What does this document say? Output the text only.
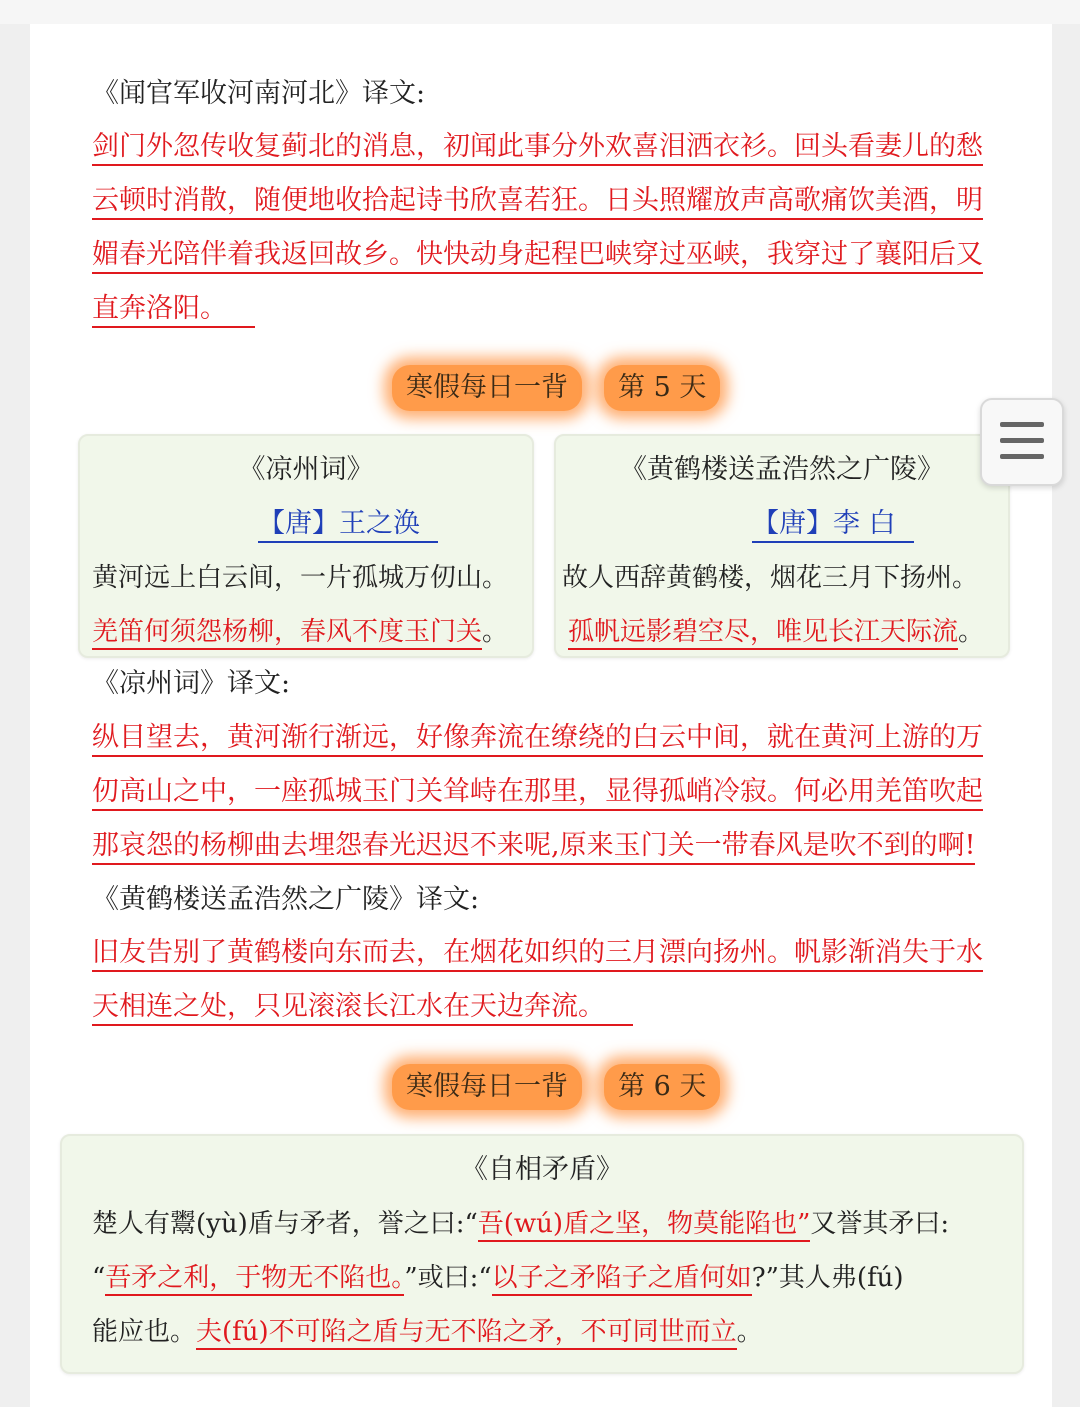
《闻官军收河南河北》译文:
剑门外忽传收复蓟北的消息，初闻此事分外欢喜泪洒衣衫。回头看妻儿的愁
云顿时消散，随便地收拾起诗书欣喜若狂。日头照耀放声高歌痛饮美酒，明
媚春光陪伴着我返回故乡。快快动身起程巴峡穿过巫峡，我穿过了襄阳后又
直奔洛阳。
寒假每日一背	第 5 天
《凉州词》
【唐】王之涣
黄河远上白云间，一片孤城万仞山。
羌笛何须怨杨柳，春风不度玉门关。
《黄鹤楼送孟浩然之广陵》
【唐】李 白
故人西辞黄鹤楼，烟花三月下扬州。
孤帆远影碧空尽，唯见长江天际流。
《凉州词》译文:
纵目望去，黄河渐行渐远，好像奔流在缭绕的白云中间，就在黄河上游的万
仞高山之中，一座孤城玉门关耸峙在那里，显得孤峭冷寂。何必用羌笛吹起
那哀怨的杨柳曲去埋怨春光迟迟不来呢,原来玉门关一带春风是吹不到的啊!
《黄鹤楼送孟浩然之广陵》译文:
旧友告别了黄鹤楼向东而去，在烟花如织的三月漂向扬州。帆影渐消失于水
天相连之处，只见滚滚长江水在天边奔流。
寒假每日一背	第 6 天
《自相矛盾》
楚人有鬻(yù)盾与矛者，誉之曰:“吾(wú)盾之坚，物莫能陷也”又誉其矛曰:
“吾矛之利，于物无不陷也。”或曰:“以子之矛陷子之盾何如?”其人弗(fú)
能应也。夫(fú)不可陷之盾与无不陷之矛，不可同世而立。
